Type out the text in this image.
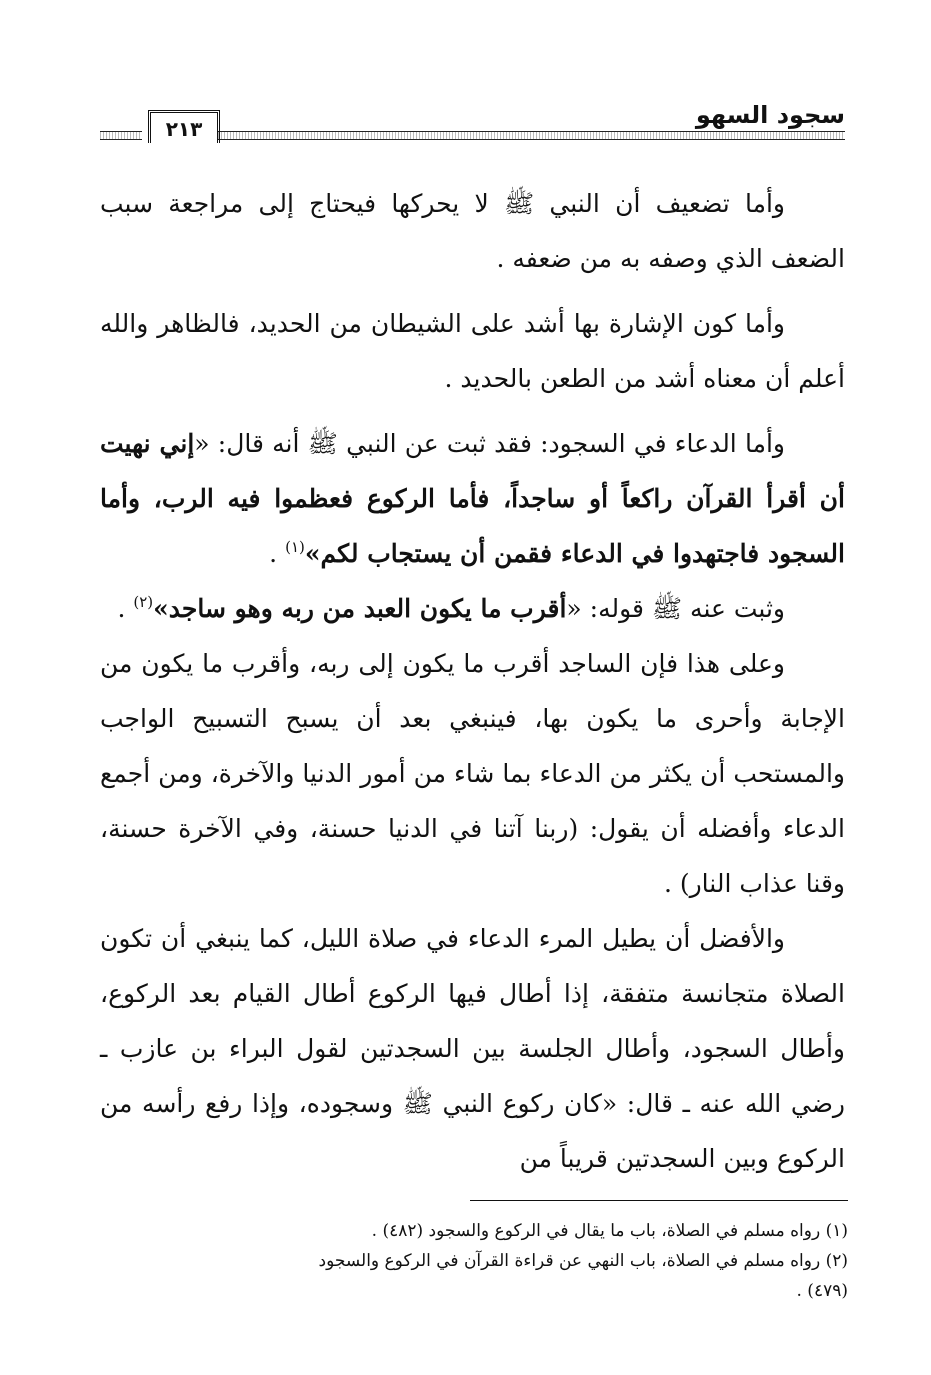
سجود السهو
٢١٣

وأما تضعيف أن النبي ﷺ لا يحركها فيحتاج إلى مراجعة سبب الضعف الذي وصفه به من ضعفه .

وأما كون الإشارة بها أشد على الشيطان من الحديد، فالظاهر والله أعلم أن معناه أشد من الطعن بالحديد .

وأما الدعاء في السجود: فقد ثبت عن النبي ﷺ أنه قال: «إني نهيت أن أقرأ القرآن راكعاً أو ساجداً، فأما الركوع فعظموا فيه الرب، وأما السجود فاجتهدوا في الدعاء فقمن أن يستجاب لكم»$^{(١)}$ .

وثبت عنه ﷺ قوله: «أقرب ما يكون العبد من ربه وهو ساجد»$^{(٢)}$ .

وعلى هذا فإن الساجد أقرب ما يكون إلى ربه، وأقرب ما يكون من الإجابة وأحرى ما يكون بها، فينبغي بعد أن يسبح التسبيح الواجب والمستحب أن يكثر من الدعاء بما شاء من أمور الدنيا والآخرة، ومن أجمع الدعاء وأفضله أن يقول: (ربنا آتنا في الدنيا حسنة، وفي الآخرة حسنة، وقنا عذاب النار) .

والأفضل أن يطيل المرء الدعاء في صلاة الليل، كما ينبغي أن تكون الصلاة متجانسة متفقة، إذا أطال فيها الركوع أطال القيام بعد الركوع، وأطال السجود، وأطال الجلسة بين السجدتين لقول البراء بن عازب ـ رضي الله عنه ـ قال: «كان ركوع النبي ﷺ وسجوده، وإذا رفع رأسه من الركوع وبين السجدتين قريباً من

(١) رواه مسلم في الصلاة، باب ما يقال في الركوع والسجود (٤٨٢) .

(٢) رواه مسلم في الصلاة، باب النهي عن قراءة القرآن في الركوع والسجود (٤٧٩) .
